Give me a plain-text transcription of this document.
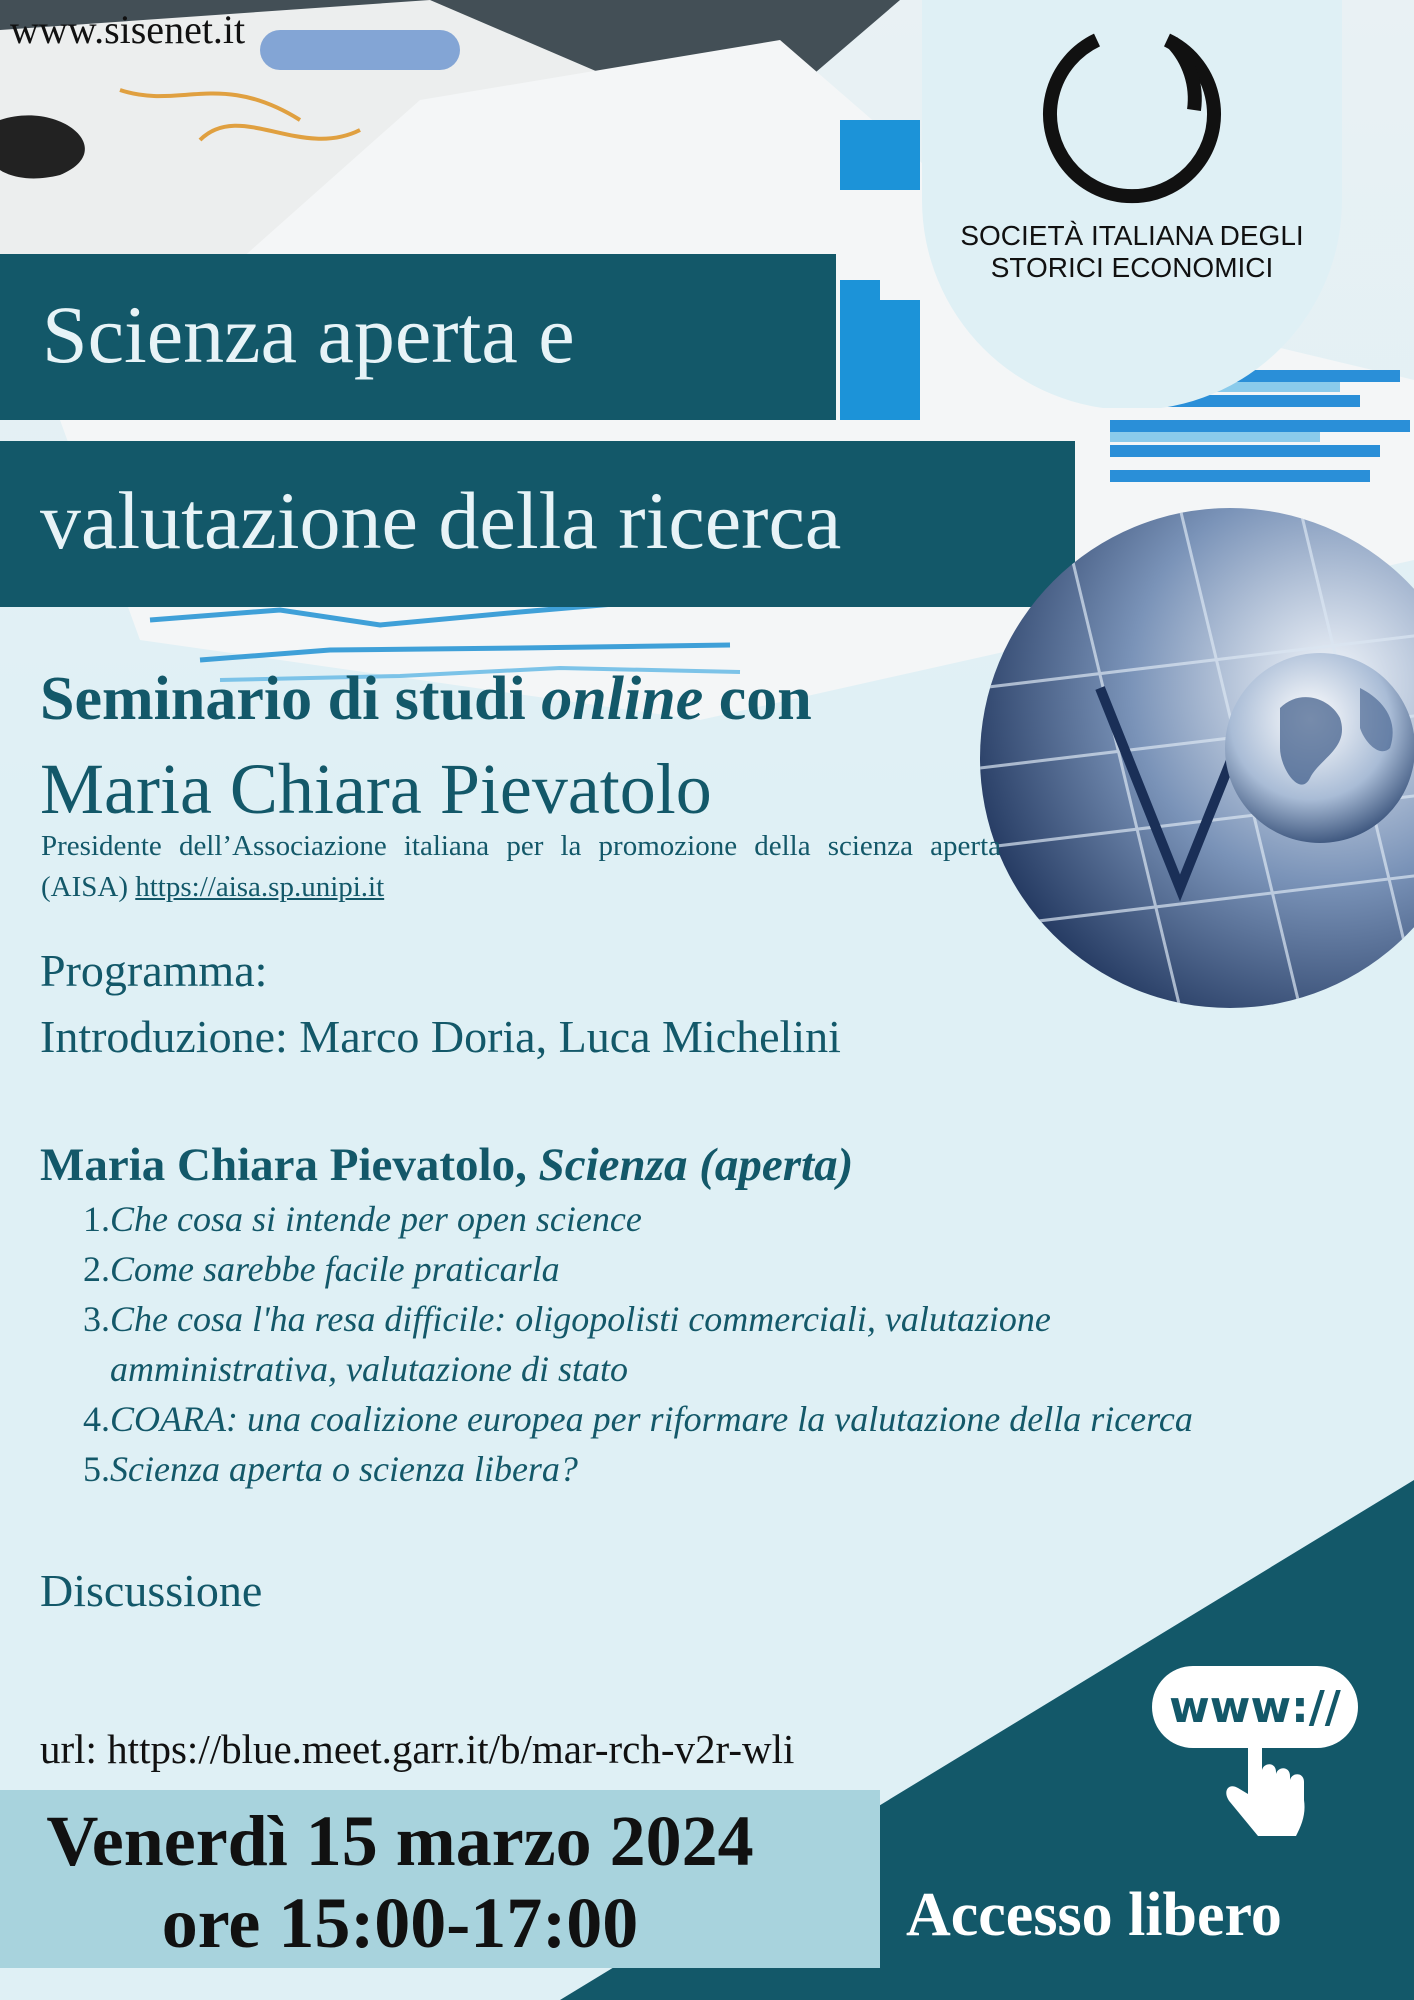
www.sisenet.it
SOCIETÀ ITALIANA DEGLI
STORICI ECONOMICI
Scienza aperta e
valutazione della ricerca
Seminario di studi online con
Maria Chiara Pievatolo
Presidente dell’Associazione italiana per la promozione della scienza aperta (AISA) https://aisa.sp.unipi.it
Programma:
Introduzione: Marco Doria, Luca Michelini
Maria Chiara Pievatolo, Scienza (aperta)
1. Che cosa si intende per open science
2. Come sarebbe facile praticarla
3. Che cosa l'ha resa difficile: oligopolisti commerciali, valutazione amministrativa, valutazione di stato
4. COARA: una coalizione europea per riformare la valutazione della ricerca
5. Scienza aperta o scienza libera?
Discussione
url: https://blue.meet.garr.it/b/mar-rch-v2r-wli
Venerdì 15 marzo 2024
ore 15:00-17:00
www://
Accesso libero
